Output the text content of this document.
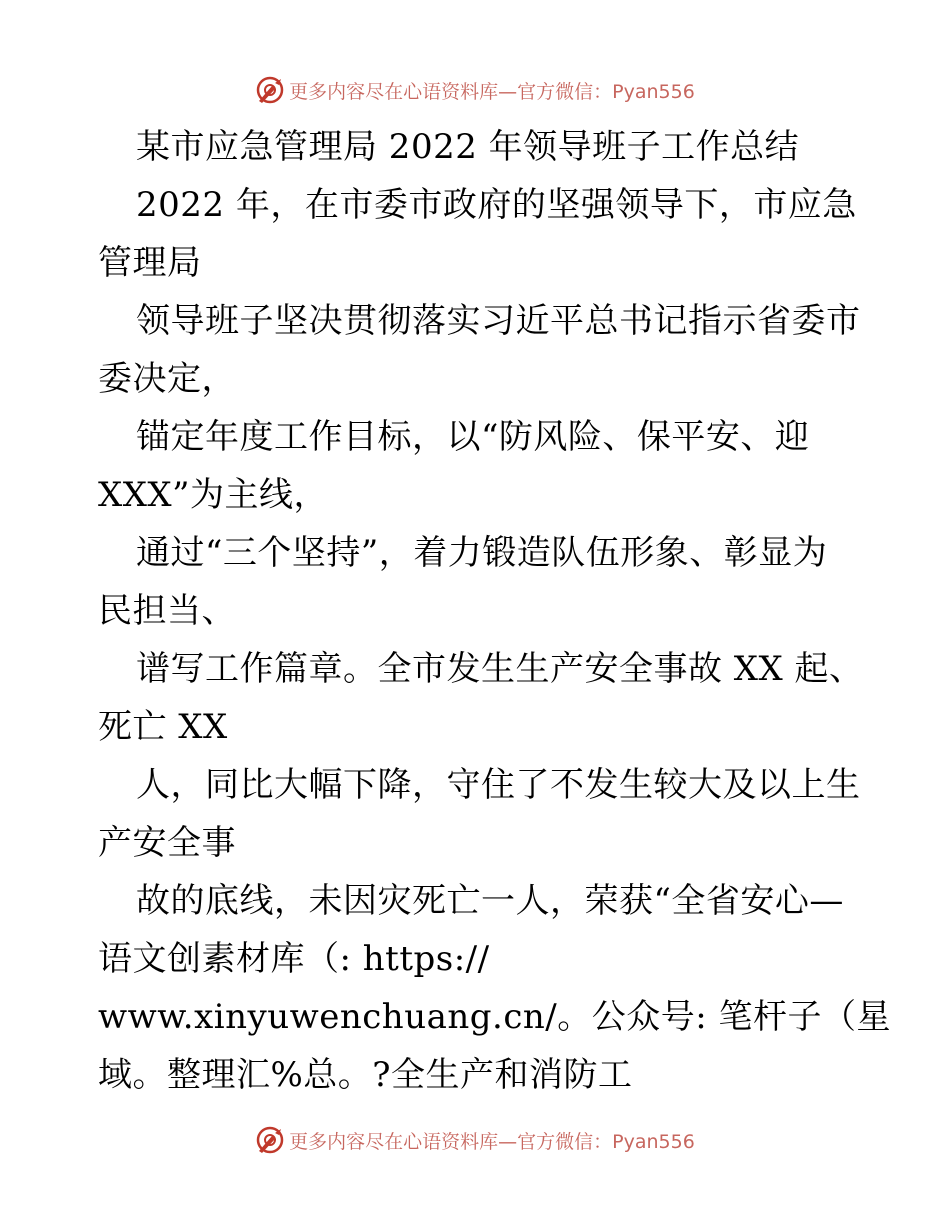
更多内容尽在心语资料库—官方微信：Pyan556
某市应急管理局 2022 年领导班子工作总结
2022 年，在市委市政府的坚强领导下，市应急
管理局
领导班子坚决贯彻落实习近平总书记指示省委市
委决定，
锚定年度工作目标，以“防风险、保平安、迎
XXX”为主线，
通过“三个坚持”，着力锻造队伍形象、彰显为
民担当、
谱写工作篇章。全市发生生产安全事故 XX 起、
死亡 XX
人，同比大幅下降，守住了不发生较大及以上生
产安全事
故的底线，未因灾死亡一人，荣获“全省安心—
语文创素材库（: https://
www.xinyuwenchuang.cn/。公众号: 笔杆子（星
域。整理汇%总。?全生产和消防工
更多内容尽在心语资料库—官方微信：Pyan556
